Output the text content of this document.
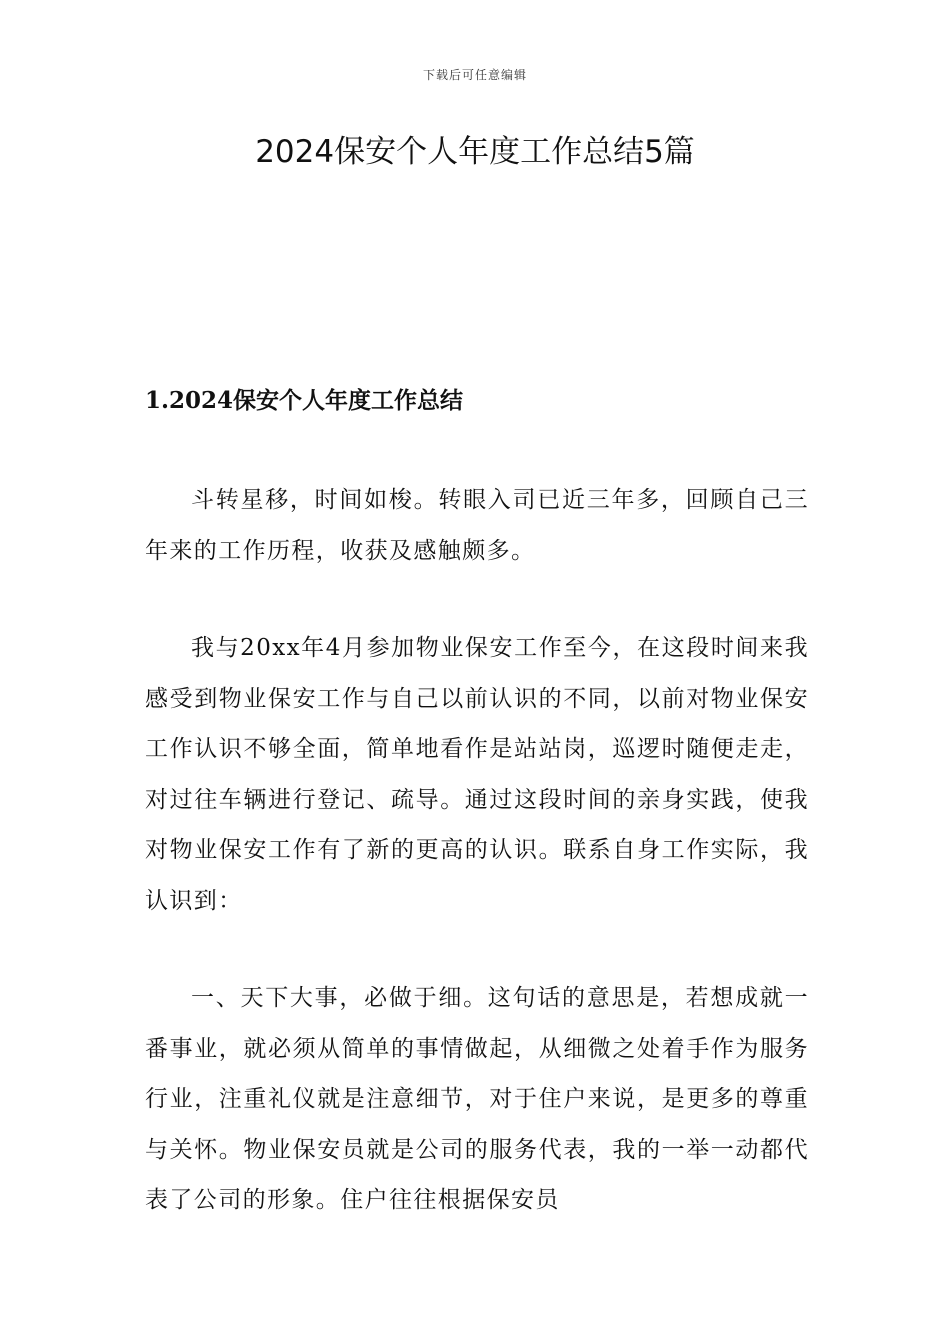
下载后可任意编辑
2024保安个人年度工作总结5篇
1.2024保安个人年度工作总结

斗转星移，时间如梭。转眼入司已近三年多，回顾自己三年来的工作历程，收获及感触颇多。

我与20xx年4月参加物业保安工作至今，在这段时间来我感受到物业保安工作与自己以前认识的不同，以前对物业保安工作认识不够全面，简单地看作是站站岗，巡逻时随便走走，对过往车辆进行登记、疏导。通过这段时间的亲身实践，使我对物业保安工作有了新的更高的认识。联系自身工作实际，我认识到：

一、天下大事，必做于细。这句话的意思是，若想成就一番事业，就必须从简单的事情做起，从细微之处着手作为服务行业，注重礼仪就是注意细节，对于住户来说，是更多的尊重与关怀。物业保安员就是公司的服务代表，我的一举一动都代表了公司的形象。住户往往根据保安员
